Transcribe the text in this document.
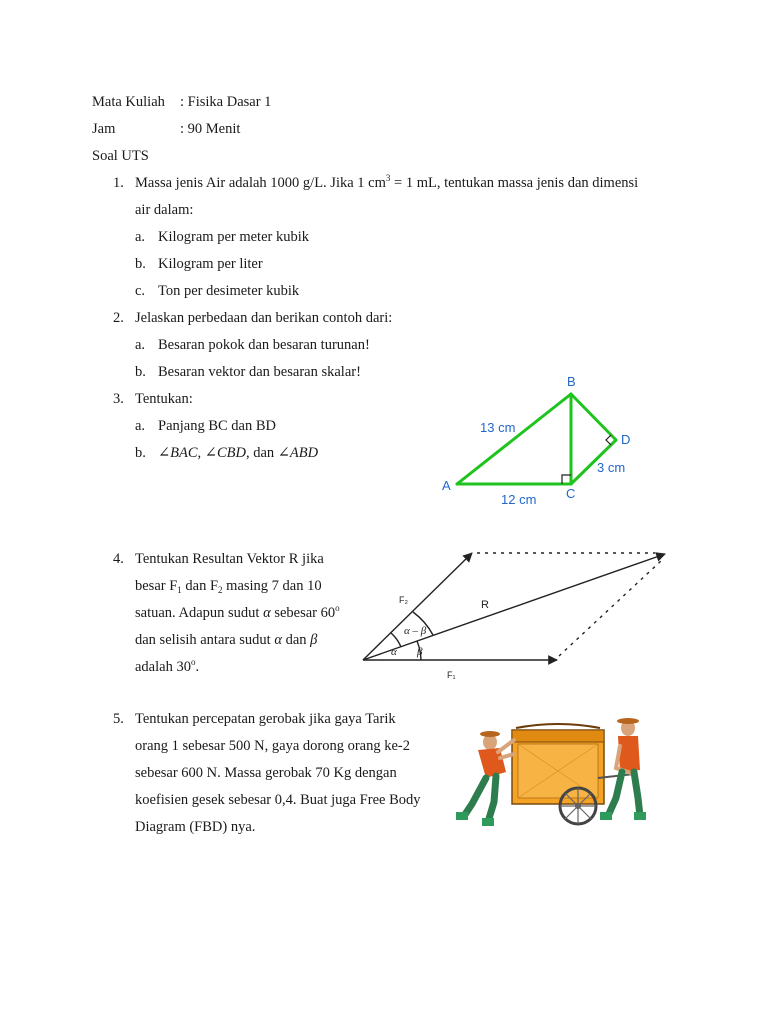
Mata Kuliah : Fisika Dasar 1
Jam	: 90 Menit
Soal UTS
1. Massa jenis Air adalah 1000 g/L. Jika 1 $cm^3 = 1$ mL, tentukan massa jenis dan dimensi
air dalam:
a. Kilogram per meter kubik
b. Kilogram per liter
c. Ton per desimeter kubik
2. Jelaskan perbedaan dan berikan contoh dari:
a. Besaran pokok dan besaran turunan!
b. Besaran vektor dan besaran skalar!
3. Tentukan:
a. Panjang BC dan BD
b. ∠BAC, ∠CBD, dan ∠ABD
A
B
C
D
13 cm
12 cm
3 cm
4. Tentukan Resultan Vektor R jika
besar $F_1$ dan $F_2$ masing 7 dan 10
satuan. Adapun sudut α sebesar 60$^o$
dan selisih antara sudut α dan β
adalah 30$^o$.
F₂	R
F₁
α – β
α β
5. Tentukan percepatan gerobak jika gaya Tarik
orang 1 sebesar 500 N, gaya dorong orang ke-2
sebesar 600 N. Massa gerobak 70 Kg dengan
koefisien gesek sebesar 0,4. Buat juga Free Body
Diagram (FBD) nya.
